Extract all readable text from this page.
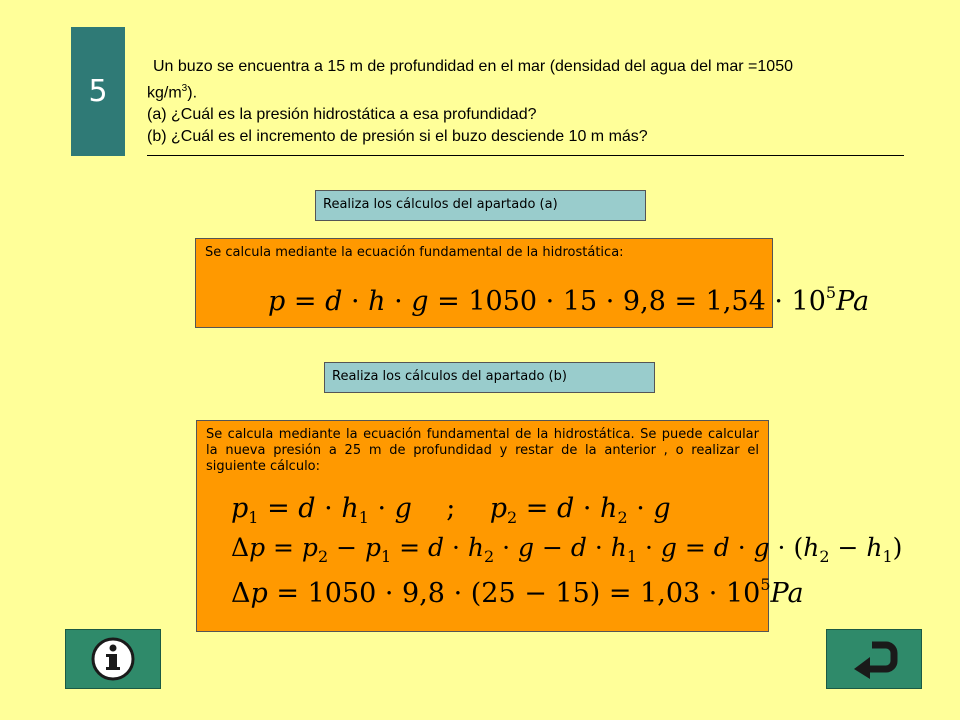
5

Un buzo se encuentra a 15 m de profundidad en el mar (densidad del agua del mar =1050

$kg/m^3$).

(a) ¿Cuál es la presión hidrostática a esa profundidad?

(b) ¿Cuál es el incremento de presión si el buzo desciende 10 m más?

Realiza los cálculos del apartado (a)
Se calcula mediante la ecuación fundamental de la hidrostática:
$p = d \cdot h \cdot g = 1050 \cdot 15 \cdot 9,8 = 1,54 \cdot 10^5Pa$
Realiza los cálculos del apartado (b)
Se calcula mediante la ecuación fundamental de la hidrostática. Se puede calcular la nueva presión a 25 m de profundidad y restar de la anterior , o realizar el siguiente cálculo:
$p_1 = d \cdot h_1 \cdot g$    ;    $p_2 = d \cdot h_2 \cdot g$
$\Delta p = p_2 - p_1 = d \cdot h_2 \cdot g - d \cdot h_1 \cdot g = d \cdot g \cdot (h_2 - h_1)$
$\Delta p = 1050 \cdot 9,8 \cdot (25 - 15) = 1,03 \cdot 10^5Pa$
